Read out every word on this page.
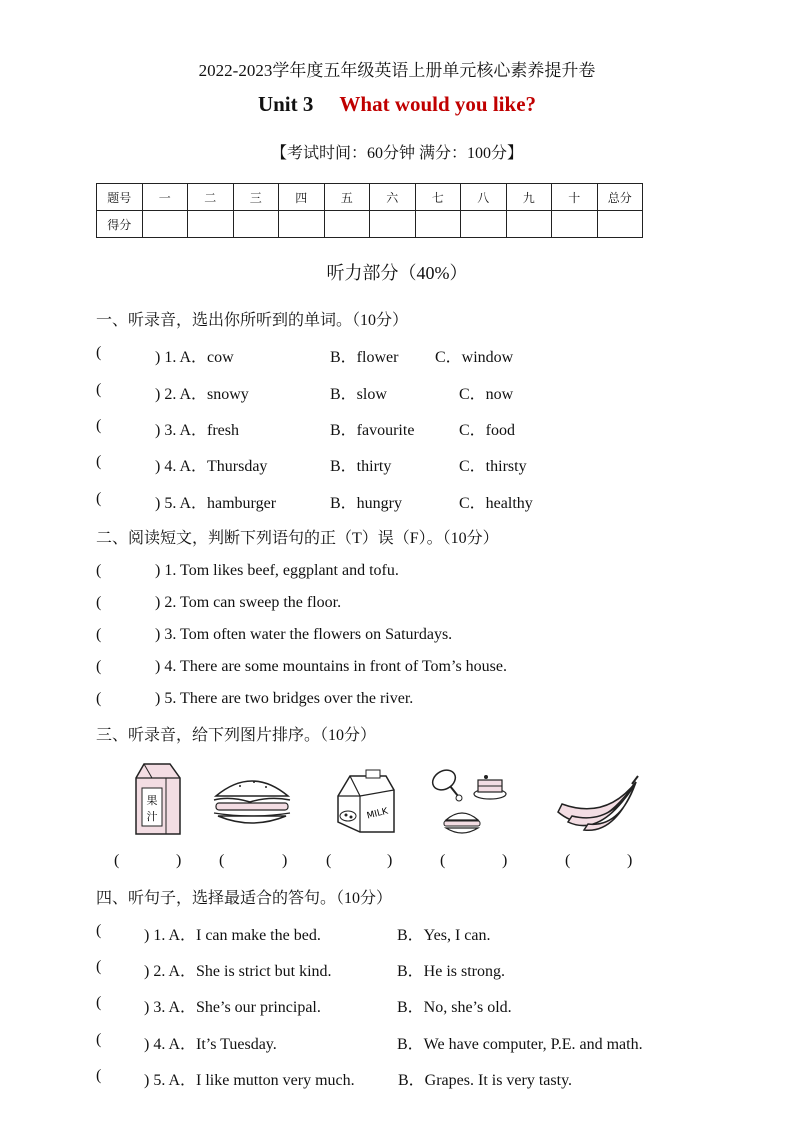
2022-2023学年度五年级英语上册单元核心素养提升卷
Unit 3 What would you like?
【考试时间：60分钟 满分：100分】
题号	一	二	三	四	五	六	七	八	九	十	总分
得分											
听力部分（40%）
一、听录音，选出你所听到的单词。（10分）
(	) 1. A．cow	B．flower C．window
(	) 2. A．snowy	B．slow	C．now
(	) 3. A．fresh	B．favourite	C．food
(	) 4. A．Thursday	B．thirty	C．thirsty
(	) 5. A．hamburger	B．hungry	C．healthy
二、阅读短文，判断下列语句的正（T）误（F）。（10分）
(	) 1. Tom likes beef, eggplant and tofu.
(	) 2. Tom can sweep the floor.
(	) 3. Tom often water the flowers on Saturdays.
(	) 4. There are some mountains in front of Tom’s house.
(	) 5. There are two bridges over the river.
三、听录音，给下列图片排序。（10分）
果
汁	MILK
(	) (	) (	)	(	)	(	)
四、听句子，选择最适合的答句。（10分）
(	) 1. A．I can make the bed.	B．Yes, I can.
(	) 2. A．She is strict but kind.	B．He is strong.
(	) 3. A．She’s our principal.	B．No, she’s old.
(	) 4. A．It’s Tuesday.	B．We have computer, P.E. and math.
(	) 5. A．I like mutton very much.	B．Grapes. It is very tasty.
